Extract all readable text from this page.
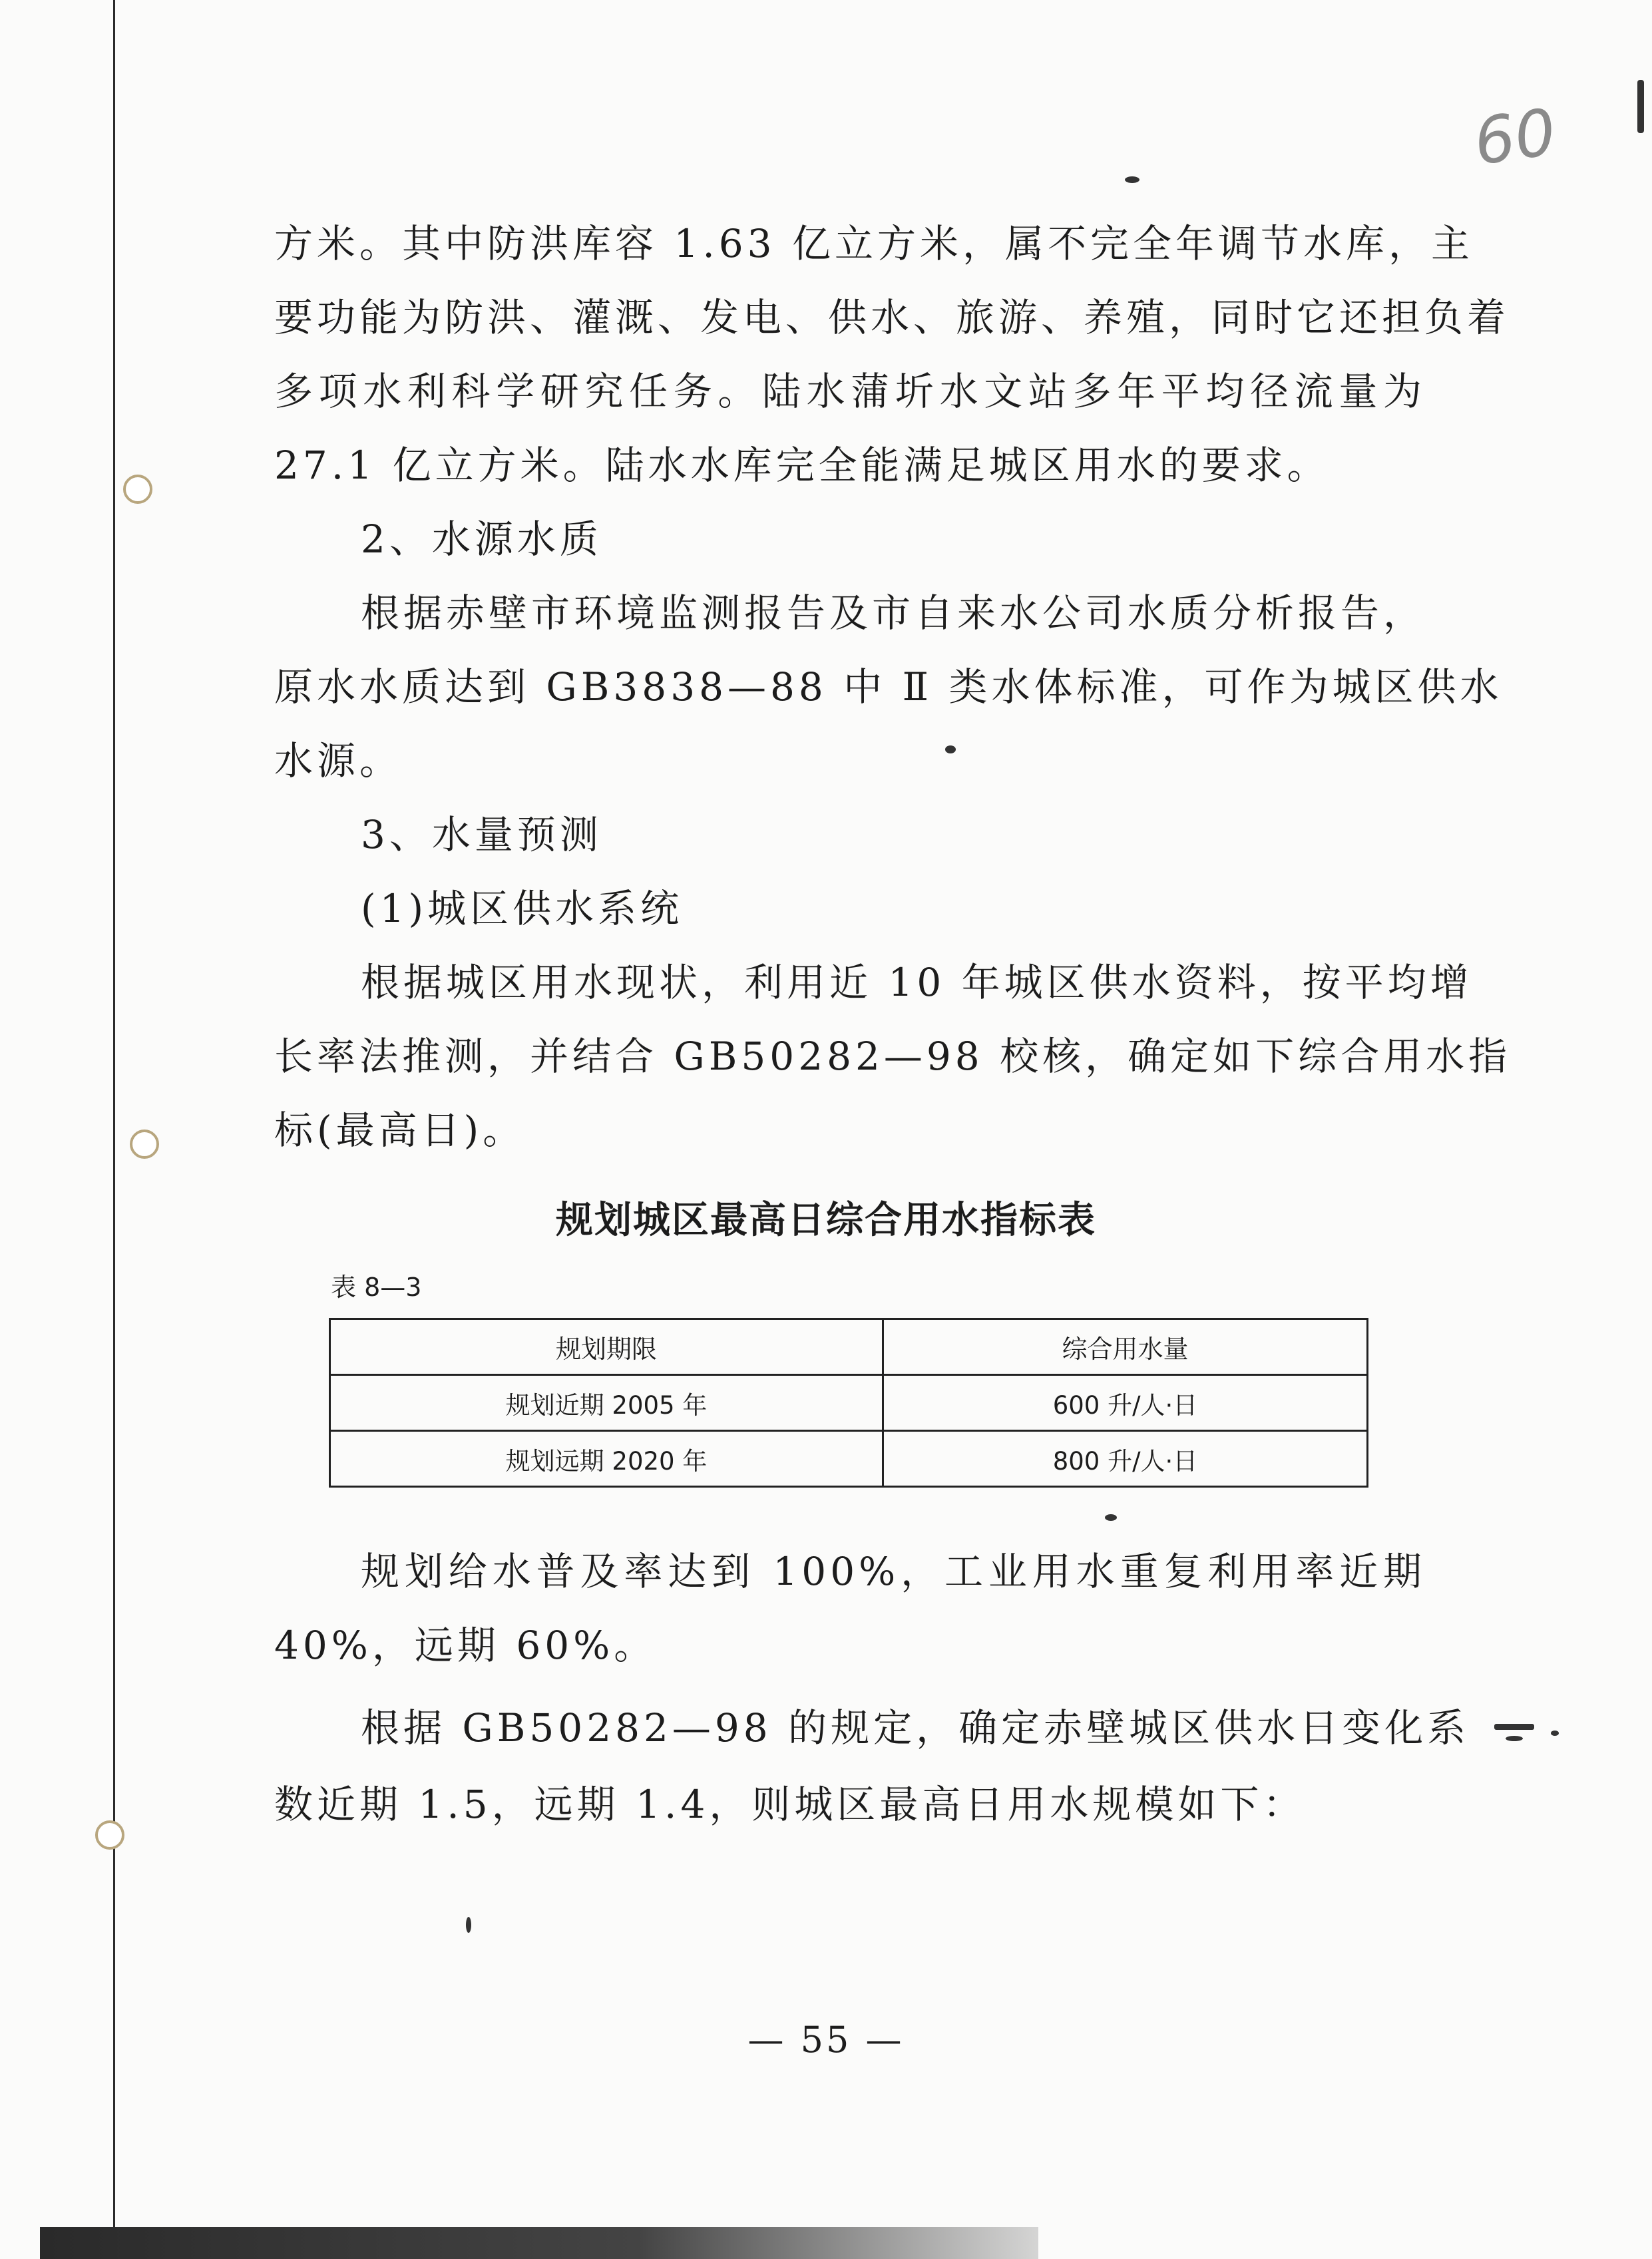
60
方米。其中防洪库容 1.63 亿立方米，属不完全年调节水库，主
要功能为防洪、灌溉、发电、供水、旅游、养殖，同时它还担负着
多项水利科学研究任务。陆水蒲圻水文站多年平均径流量为
27.1 亿立方米。陆水水库完全能满足城区用水的要求。
2、水源水质
根据赤壁市环境监测报告及市自来水公司水质分析报告，
原水水质达到 GB3838—88 中 Ⅱ 类水体标准，可作为城区供水
水源。
3、水量预测
(1)城区供水系统
根据城区用水现状，利用近 10 年城区供水资料，按平均增
长率法推测，并结合 GB50282—98 校核，确定如下综合用水指
标(最高日)。
规划城区最高日综合用水指标表
表 8—3
规划期限	综合用水量
规划近期 2005 年	600 升/人·日
规划远期 2020 年	800 升/人·日
规划给水普及率达到 100%，工业用水重复利用率近期
40%，远期 60%。
根据 GB50282—98 的规定，确定赤壁城区供水日变化系
数近期 1.5，远期 1.4，则城区最高日用水规模如下：
— 55 —
